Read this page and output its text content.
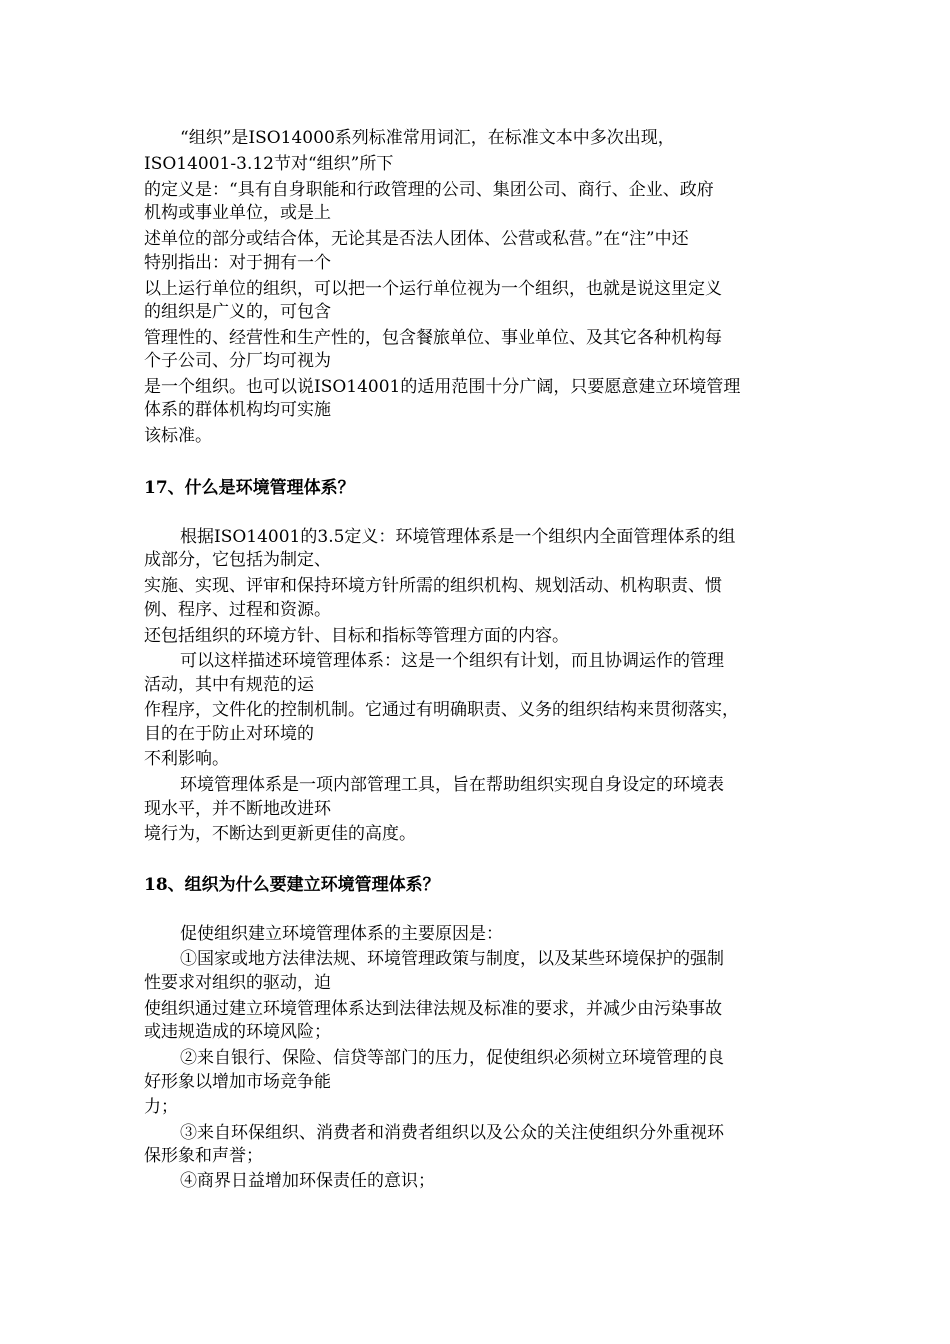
“组织”是ISO14000系列标准常用词汇，在标准文本中多次出现，
ISO14001-3.12节对“组织”所下
的定义是：“具有自身职能和行政管理的公司、集团公司、商行、企业、政府
机构或事业单位，或是上
述单位的部分或结合体，无论其是否法人团体、公营或私营。”在“注”中还
特别指出：对于拥有一个
以上运行单位的组织，可以把一个运行单位视为一个组织，也就是说这里定义
的组织是广义的，可包含
管理性的、经营性和生产性的，包含餐旅单位、事业单位、及其它各种机构每
个子公司、分厂均可视为
是一个组织。也可以说ISO14001的适用范围十分广阔，只要愿意建立环境管理
体系的群体机构均可实施
该标准。
17、什么是环境管理体系？
根据ISO14001的3.5定义：环境管理体系是一个组织内全面管理体系的组
成部分，它包括为制定、
实施、实现、评审和保持环境方针所需的组织机构、规划活动、机构职责、惯
例、程序、过程和资源。
还包括组织的环境方针、目标和指标等管理方面的内容。
可以这样描述环境管理体系：这是一个组织有计划，而且协调运作的管理
活动，其中有规范的运
作程序，文件化的控制机制。它通过有明确职责、义务的组织结构来贯彻落实，
目的在于防止对环境的
不利影响。
环境管理体系是一项内部管理工具，旨在帮助组织实现自身设定的环境表
现水平，并不断地改进环
境行为，不断达到更新更佳的高度。
18、组织为什么要建立环境管理体系？
促使组织建立环境管理体系的主要原因是：
①国家或地方法律法规、环境管理政策与制度，以及某些环境保护的强制
性要求对组织的驱动，迫
使组织通过建立环境管理体系达到法律法规及标准的要求，并减少由污染事故
或违规造成的环境风险；
②来自银行、保险、信贷等部门的压力，促使组织必须树立环境管理的良
好形象以增加市场竞争能
力；
③来自环保组织、消费者和消费者组织以及公众的关注使组织分外重视环
保形象和声誉；
④商界日益增加环保责任的意识；
